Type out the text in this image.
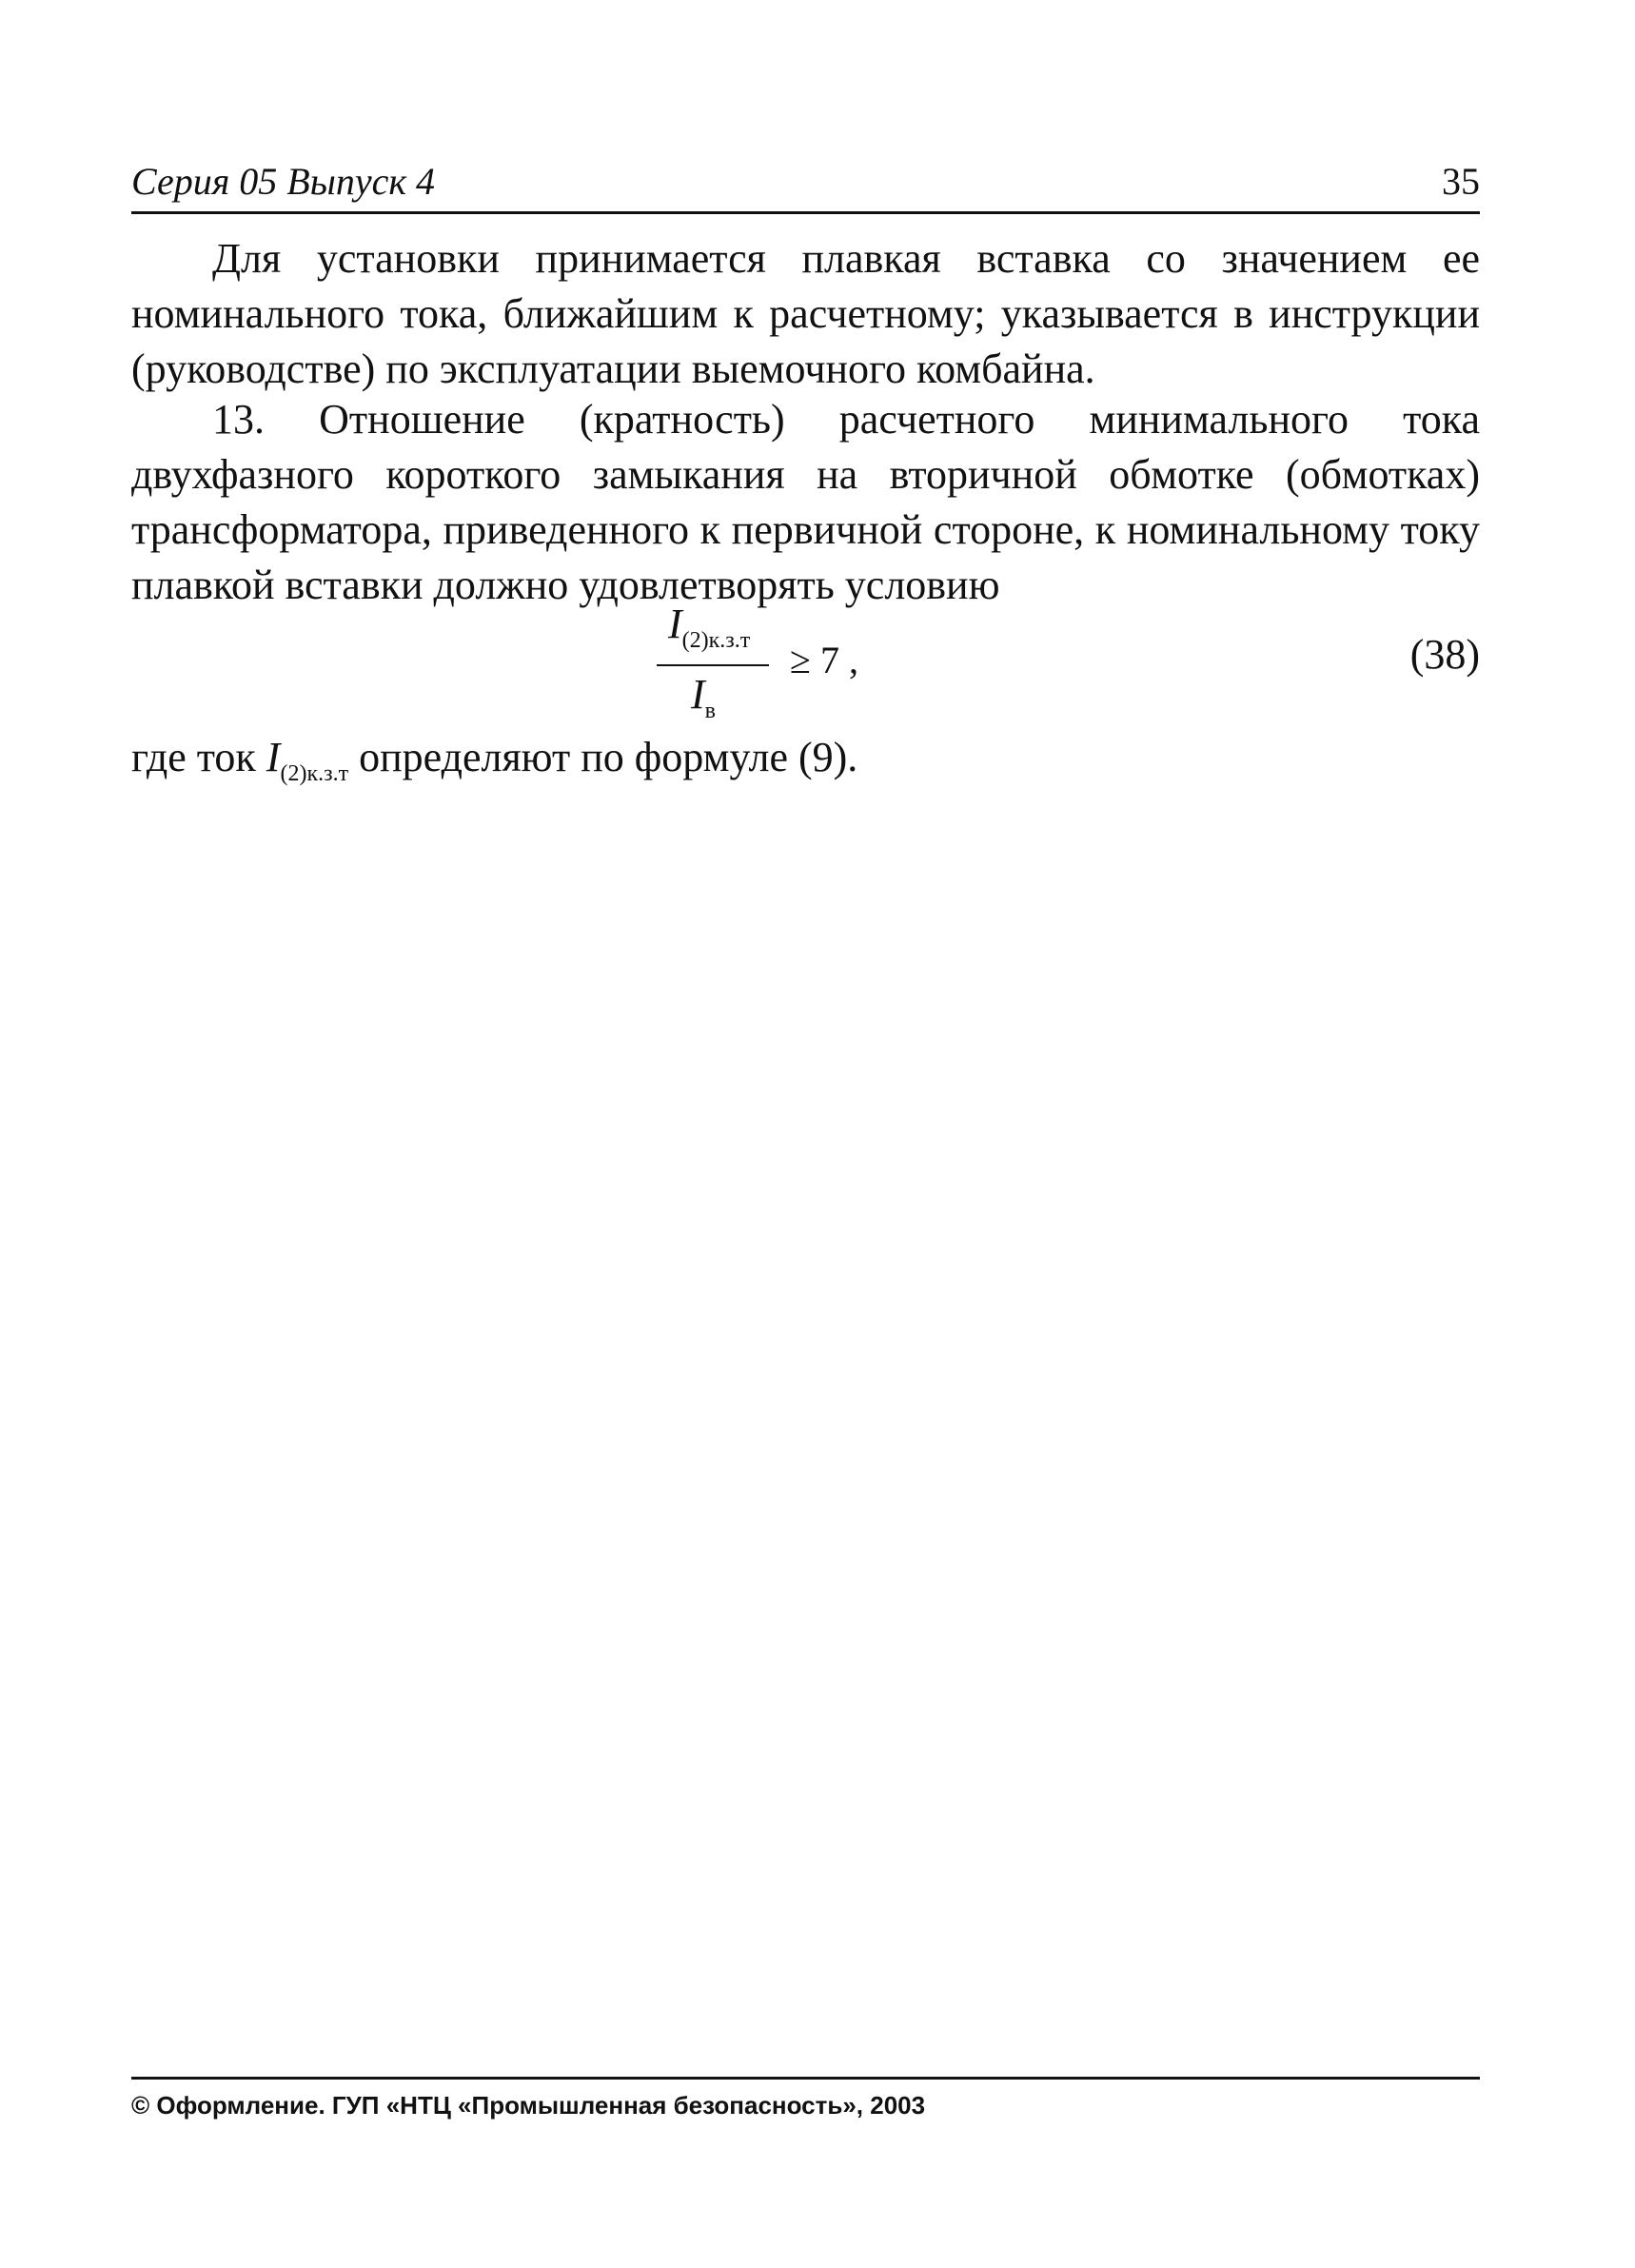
Серия 05 Выпуск 4	35

Для установки принимается плавкая вставка со значением ее номинального тока, ближайшим к расчетному; указывается в инструкции (руководстве) по эксплуатации выемочного комбайна.

13. Отношение (кратность) расчетного минимального тока двухфазного короткого замыкания на вторичной обмотке (обмотках) трансформатора, приведенного к первичной стороне, к номинальному току плавкой вставки должно удовлетворять условию

$I_{(2)к.з.т}$
$I_в$
≥ 7 ,	(38)
где ток $I_{(2)к.з.т}$ определяют по формуле (9).
© Оформление. ГУП «НТЦ «Промышленная безопасность», 2003
